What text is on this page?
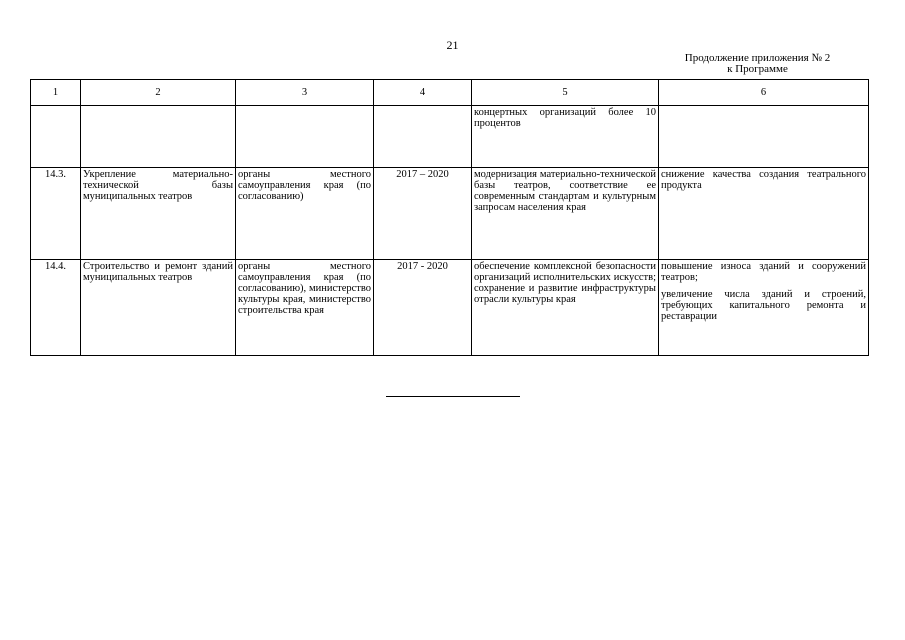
21
Продолжение приложения № 2
к Программе
1	2	3	4	5	6
				концертных организаций более 10 процентов	
14.3.	Укрепление материально-технической базы муниципальных театров	органы местного самоуправления края (по согласованию)	2017 – 2020	модернизация материально-технической базы театров, соответствие ее современным стандартам и культурным запросам населения края	снижение качества создания театрального продукта

14.4.	Строительство и ремонт зданий муниципальных театров	органы местного самоуправления края (по согласованию), министерство культуры края, министерство строительства края	2017 - 2020	обеспечение комплексной безопасности организаций исполнительских искусств; сохранение и развитие инфраструктуры отрасли культуры края	повышение износа зданий и сооружений театров;

увеличение числа зданий и строений, требующих капитального ремонта и реставрации
